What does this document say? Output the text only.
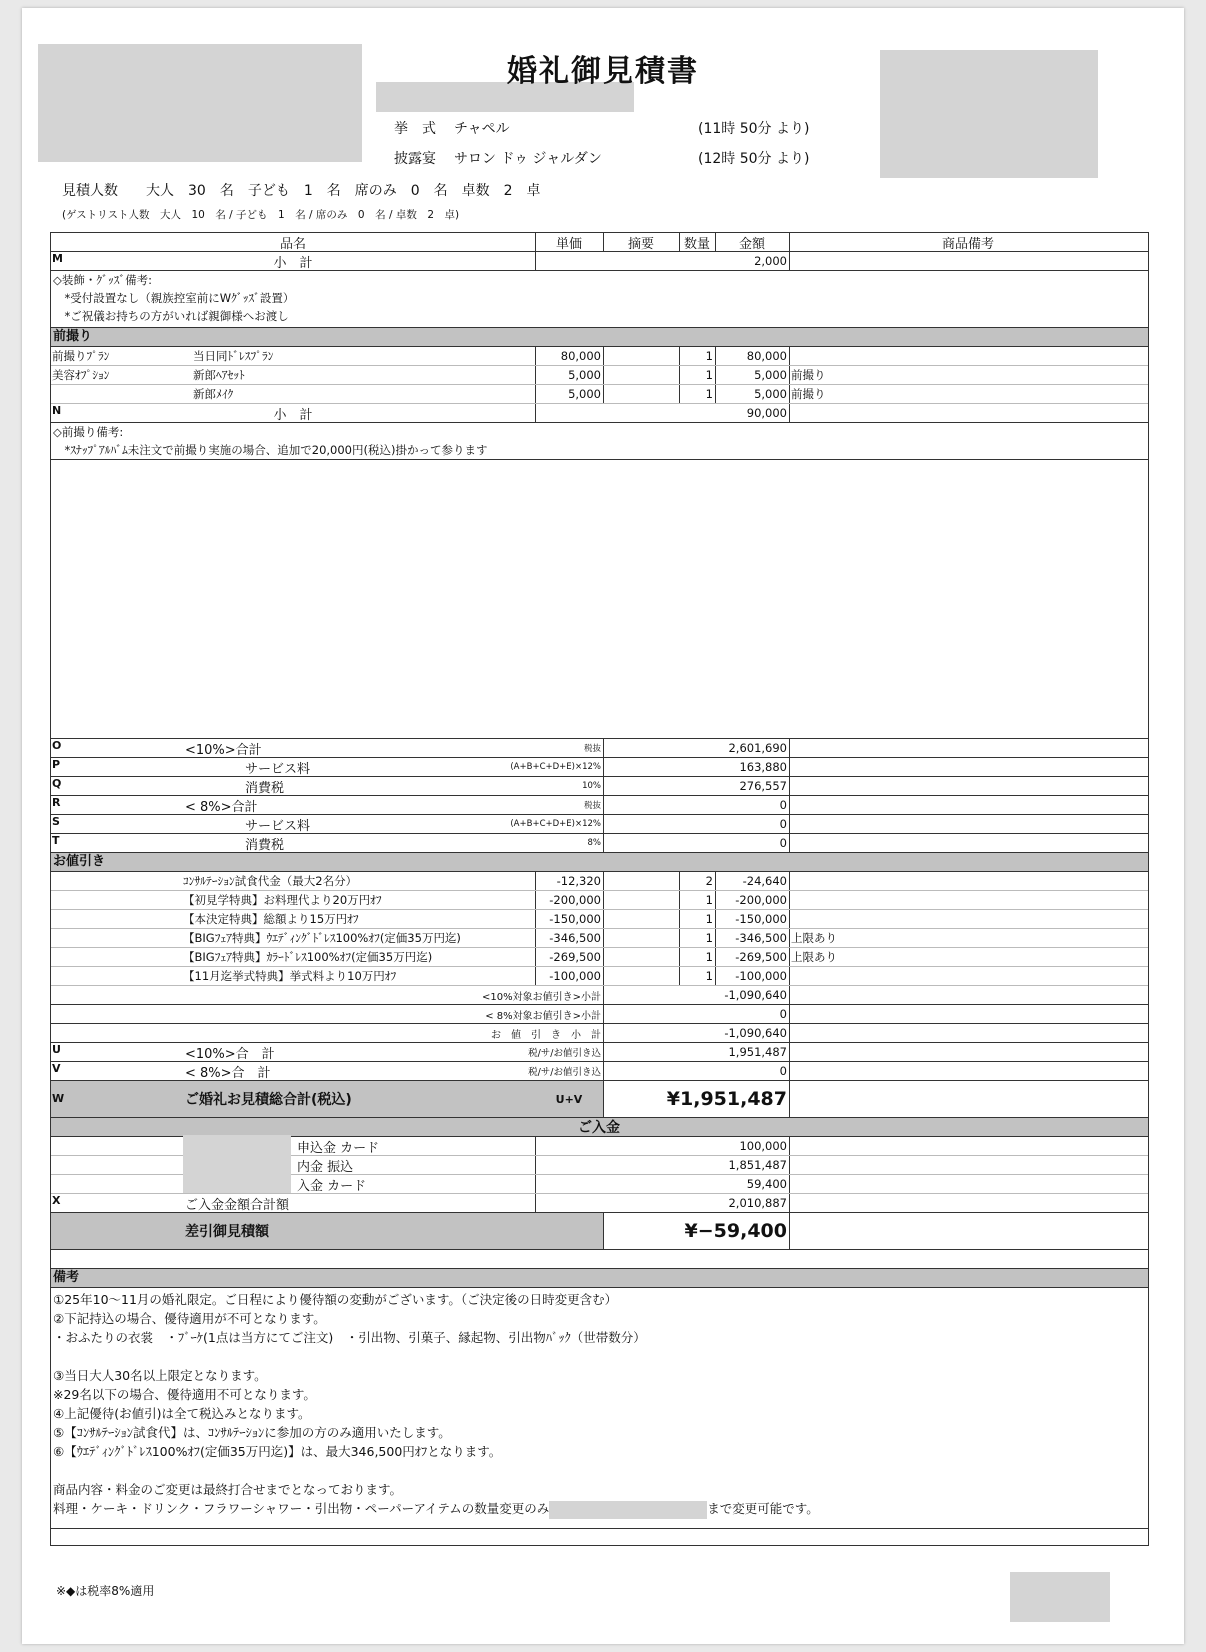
婚礼御見積書
挙　式 チャペル	(11時 50分 より)
披露宴 サロン ドゥ ジャルダン	(12時 50分 より)
見積人数　　大人　30　名　子ども　1　名　席のみ　0　名　卓数　2　卓
(ゲストリスト人数　大人　10　名 / 子ども　1　名 / 席のみ　0　名 / 卓数　2　卓)
品名	単価	摘要	数量	金額	商品備考
M	小　計	2,000
◇装飾・ｸﾞｯｽﾞ備考:
　*受付設置なし（親族控室前にWｸﾞｯｽﾞ設置）
　*ご祝儀お持ちの方がいれば親御様へお渡し
前撮り
前撮りﾌﾟﾗﾝ	当日同ﾄﾞﾚｽﾌﾟﾗﾝ	80,000	1	80,000
美容ｵﾌﾟｼｮﾝ	新郎ﾍｱｾｯﾄ	5,000	1	5,000 前撮り
新郎ﾒｲｸ	5,000	1	5,000 前撮り
N	小　計	90,000
◇前撮り備考:
　*ｽﾅｯﾌﾟｱﾙﾊﾞﾑ未注文で前撮り実施の場合、追加で20,000円(税込)掛かって参ります
O	<10%>合計	税抜	2,601,690
P	サービス料	(A+B+C+D+E)×12%	163,880
Q	消費税	10%	276,557
R	< 8%>合計	税抜	0
S	サービス料	(A+B+C+D+E)×12%	0
T	消費税	8%	0
お値引き
ｺﾝｻﾙﾃｰｼｮﾝ試食代金（最大2名分）	-12,320	2	-24,640
【初見学特典】お料理代より20万円ｵﾌ	-200,000	1	-200,000
【本決定特典】総額より15万円ｵﾌ	-150,000	1	-150,000
【BIGﾌｪｱ特典】ｳｴﾃﾞｨﾝｸﾞﾄﾞﾚｽ100%ｵﾌ(定価35万円迄)	-346,500	1	-346,500 上限あり
【BIGﾌｪｱ特典】ｶﾗｰﾄﾞﾚｽ100%ｵﾌ(定価35万円迄)	-269,500	1	-269,500 上限あり
【11月迄挙式特典】挙式料より10万円ｵﾌ	-100,000	1	-100,000
<10%対象お値引き>小計	-1,090,640
< 8%対象お値引き>小計	0
お　値　引　き　小　計	-1,090,640
U	<10%>合　計	税/サ/お値引き込	1,951,487
V	< 8%>合　計	税/サ/お値引き込	0
W	ご婚礼お見積総合計(税込)	U+V	¥1,951,487
ご入金
申込金 カード	100,000
内金 振込	1,851,487
入金 カード	59,400
X	ご入金金額合計額	2,010,887
差引御見積額	¥−59,400
備考
①25年10～11月の婚礼限定。ご日程により優待額の変動がございます。（ご決定後の日時変更含む）
②下記持込の場合、優待適用が不可となります。
・おふたりの衣裳　・ﾌﾞｰｹ(1点は当方にてご注文)　・引出物、引菓子、縁起物、引出物ﾊﾞｯｸ（世帯数分）
③当日大人30名以上限定となります。
※29名以下の場合、優待適用不可となります。
④上記優待(お値引)は全て税込みとなります。
⑤【ｺﾝｻﾙﾃｰｼｮﾝ試食代】は、ｺﾝｻﾙﾃｰｼｮﾝに参加の方のみ適用いたします。
⑥【ｳｴﾃﾞｨﾝｸﾞﾄﾞﾚｽ100%ｵﾌ(定価35万円迄)】は、最大346,500円ｵﾌとなります。
商品内容・料金のご変更は最終打合せまでとなっております。
料理・ケーキ・ドリンク・フラワーシャワー・引出物・ペーパーアイテムの数量変更のみ	まで変更可能です。
※◆は税率8%適用
